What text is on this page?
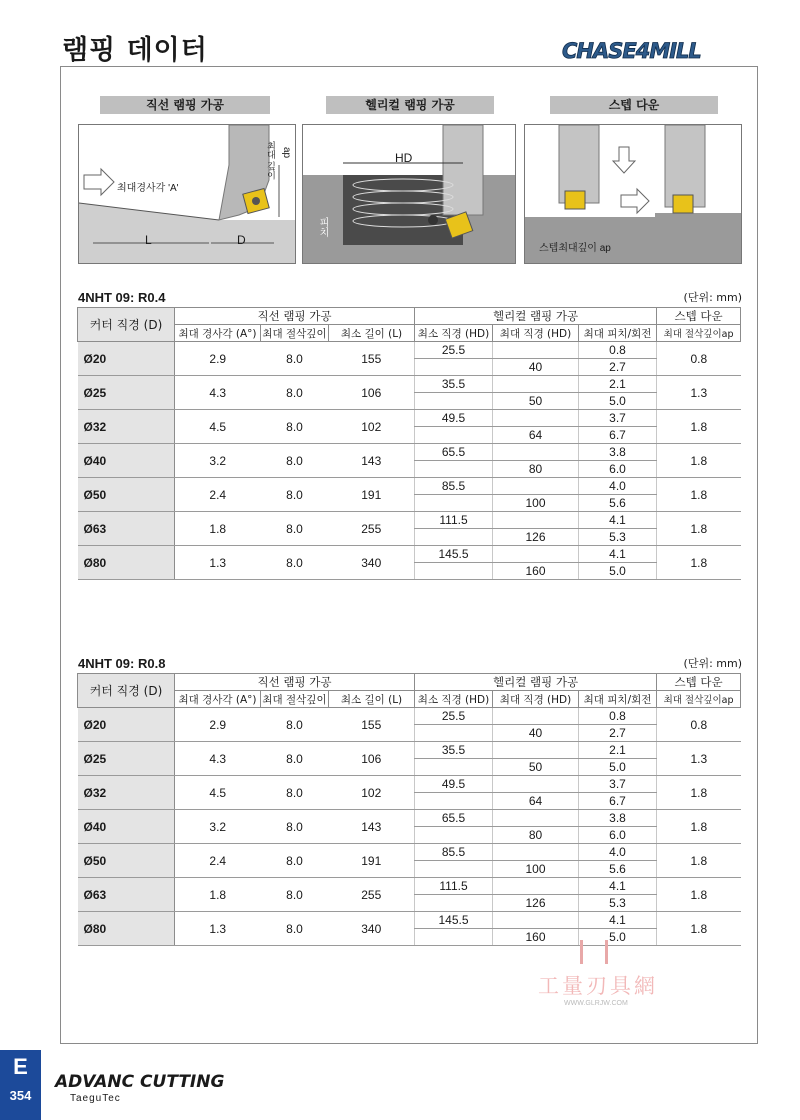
램핑 데이터	CHASE4MILL
직선 램핑 가공	헬리컬 램핑 가공	스텝 다운
최대경사각 'A'
L	D
최대 깊이 ap	HD
피치
스텝최대깊이 ap
4NHT 09: R0.4	(단위: mm)
커터 직경 (D)	직선 램핑 가공			헬리컬 램핑 가공			스텝 다운
	최대 경사각 (A°)	최대 절삭깊이	최소 길이 (L)	최소 직경 (HD)	최대 직경 (HD)	최대 피치/회전	최대 절삭깊이ap
Ø20	2.9	8.0	155	25.5		0.8	0.8
					40	2.7	
Ø25	4.3	8.0	106	35.5		2.1	1.3
					50	5.0	
Ø32	4.5	8.0	102	49.5		3.7	1.8
					64	6.7	
Ø40	3.2	8.0	143	65.5		3.8	1.8
					80	6.0	
Ø50	2.4	8.0	191	85.5		4.0	1.8
					100	5.6	
Ø63	1.8	8.0	255	111.5		4.1	1.8
					126	5.3	
Ø80	1.3	8.0	340	145.5		4.1	1.8
					160	5.0	
4NHT 09: R0.8	(단위: mm)
커터 직경 (D)	직선 램핑 가공			헬리컬 램핑 가공			스텝 다운
	최대 경사각 (A°)	최대 절삭깊이	최소 길이 (L)	최소 직경 (HD)	최대 직경 (HD)	최대 피치/회전	최대 절삭깊이ap
Ø20	2.9	8.0	155	25.5		0.8	0.8
					40	2.7	
Ø25	4.3	8.0	106	35.5		2.1	1.3
					50	5.0	
Ø32	4.5	8.0	102	49.5		3.7	1.8
					64	6.7	
Ø40	3.2	8.0	143	65.5		3.8	1.8
					80	6.0	
Ø50	2.4	8.0	191	85.5		4.0	1.8
					100	5.6	
Ø63	1.8	8.0	255	111.5		4.1	1.8
					126	5.3	
Ø80	1.3	8.0	340	145.5		4.1	1.8
					160	5.0	
工量刃具網
WWW.GLRJW.COM
E
354
ADVANC CUTTING
TaeguTec
